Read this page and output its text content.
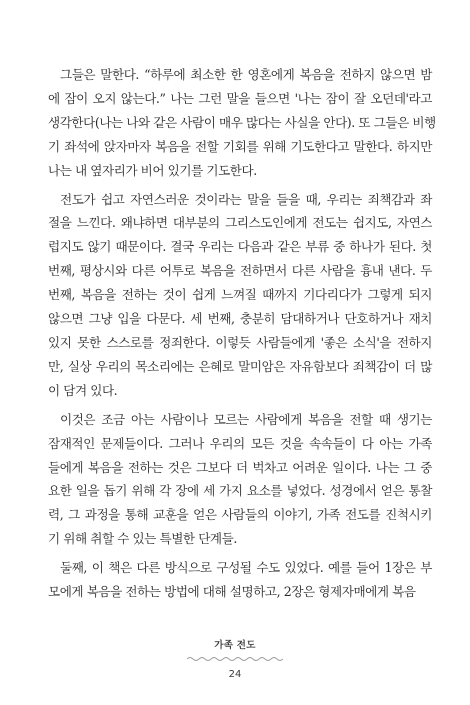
그들은 말한다. “하루에 최소한 한 영혼에게 복음을 전하지 않으면 밤
에 잠이 오지 않는다.” 나는 그런 말을 들으면 '나는 잠이 잘 오던데'라고
생각한다(나는 나와 같은 사람이 매우 많다는 사실을 안다). 또 그들은 비행
기 좌석에 앉자마자 복음을 전할 기회를 위해 기도한다고 말한다. 하지만
나는 내 옆자리가 비어 있기를 기도한다.

전도가 쉽고 자연스러운 것이라는 말을 들을 때, 우리는 죄책감과 좌
절을 느낀다. 왜냐하면 대부분의 그리스도인에게 전도는 쉽지도, 자연스
럽지도 않기 때문이다. 결국 우리는 다음과 같은 부류 중 하나가 된다. 첫
번째, 평상시와 다른 어투로 복음을 전하면서 다른 사람을 흉내 낸다. 두
번째, 복음을 전하는 것이 쉽게 느껴질 때까지 기다리다가 그렇게 되지
않으면 그냥 입을 다문다. 세 번째, 충분히 담대하거나 단호하거나 재치
있지 못한 스스로를 정죄한다. 이렇듯 사람들에게 '좋은 소식'을 전하지
만, 실상 우리의 목소리에는 은혜로 말미암은 자유함보다 죄책감이 더 많
이 담겨 있다.

이것은 조금 아는 사람이나 모르는 사람에게 복음을 전할 때 생기는
잠재적인 문제들이다. 그러나 우리의 모든 것을 속속들이 다 아는 가족
들에게 복음을 전하는 것은 그보다 더 벅차고 어려운 일이다. 나는 그 중
요한 일을 돕기 위해 각 장에 세 가지 요소를 넣었다. 성경에서 얻은 통찰
력, 그 과정을 통해 교훈을 얻은 사람들의 이야기, 가족 전도를 진척시키
기 위해 취할 수 있는 특별한 단계들.

둘째, 이 책은 다른 방식으로 구성될 수도 있었다. 예를 들어 1장은 부
모에게 복음을 전하는 방법에 대해 설명하고, 2장은 형제자매에게 복음

가족 전도
24
